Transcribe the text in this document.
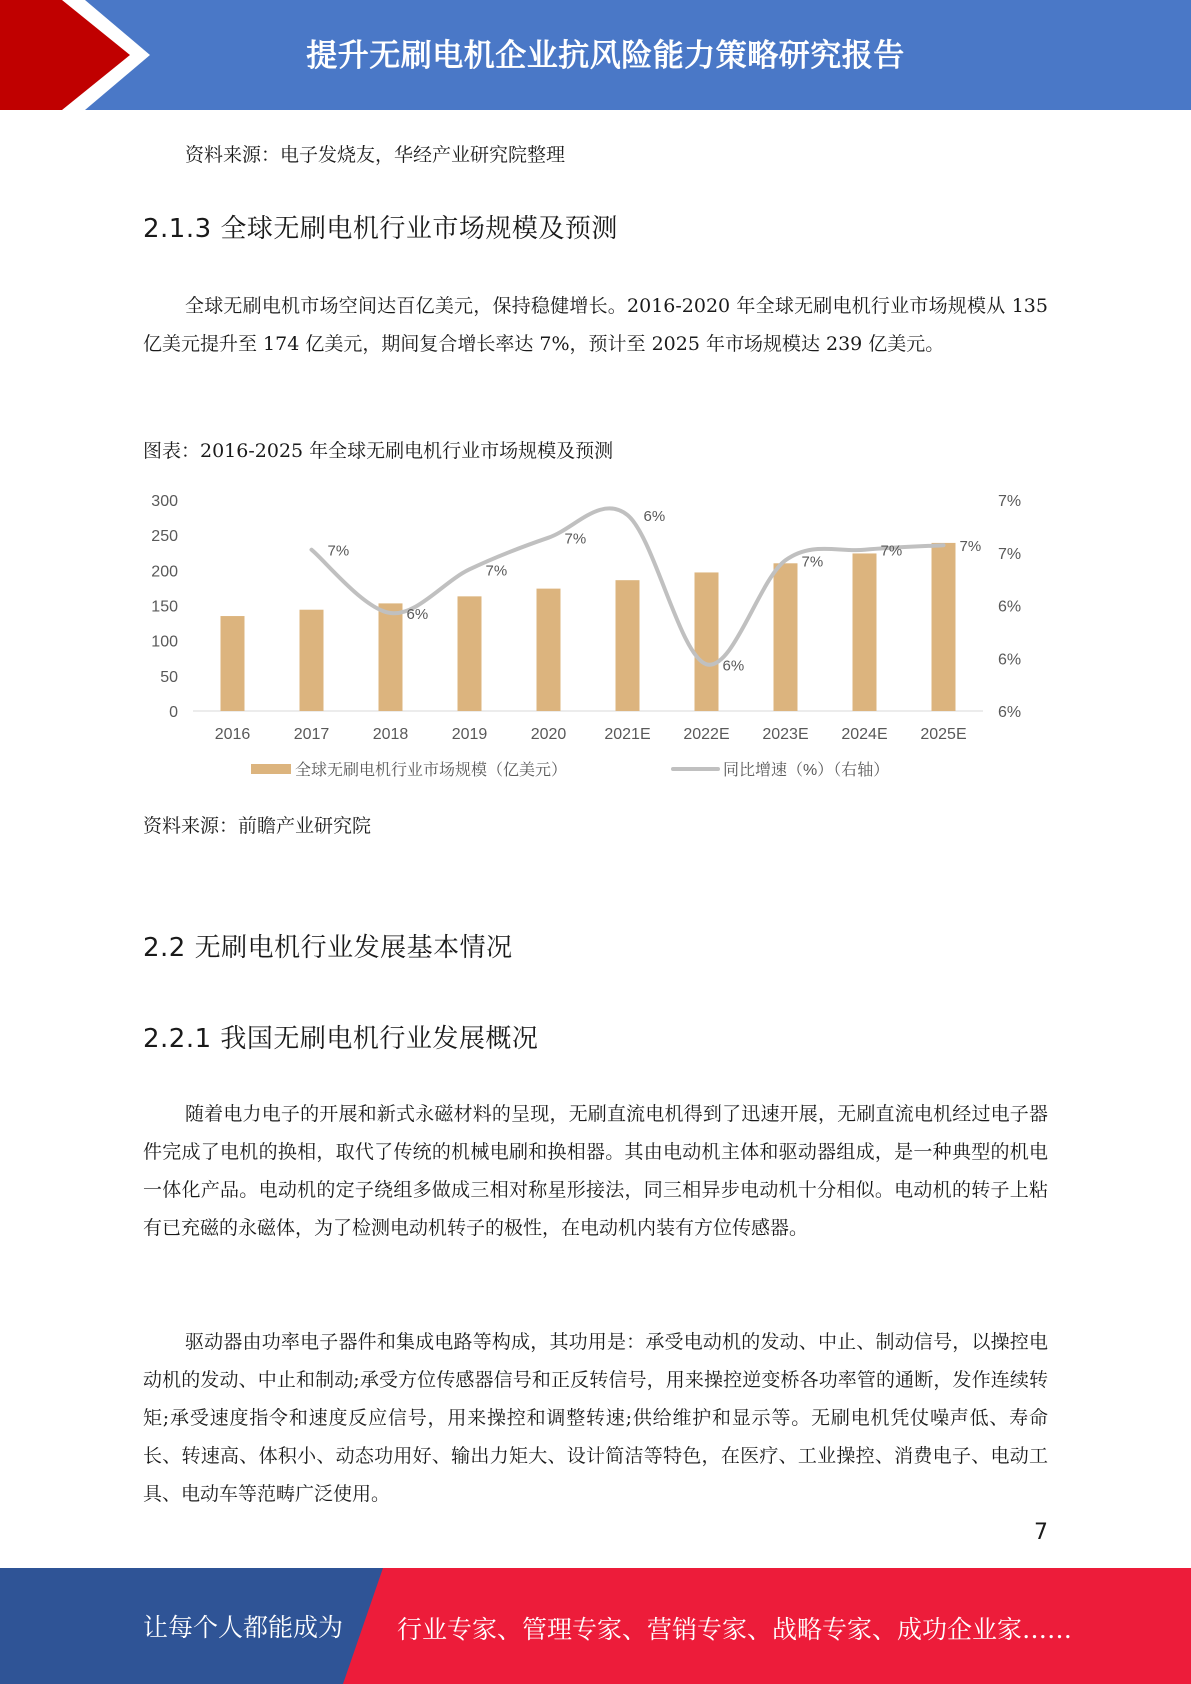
提升无刷电机企业抗风险能力策略研究报告

资料来源：电子发烧友，华经产业研究院整理

2.1.3 全球无刷电机行业市场规模及预测

全球无刷电机市场空间达百亿美元，保持稳健增长。2016-2020 年全球无刷电机行业市场规模从 135 亿美元提升至 174 亿美元，期间复合增长率达 7%，预计至 2025 年市场规模达 239 亿美元。

图表：2016-2025 年全球无刷电机行业市场规模及预测
0
50
100
150
200
250
300
6%
6%
6%
7%
7%
2016	2017	2018	2019	2020 2021E 2022E 2023E 2024E 2025E
7%
6%
7%
7%
6%
6%
7%
7%	7%
全球无刷电机行业市场规模（亿美元）	同比增速（%）（右轴）
资料来源：前瞻产业研究院
2.2 无刷电机行业发展基本情况
2.2.1 我国无刷电机行业发展概况

随着电力电子的开展和新式永磁材料的呈现，无刷直流电机得到了迅速开展，无刷直流电机经过电子器件完成了电机的换相，取代了传统的机械电刷和换相器。其由电动机主体和驱动器组成，是一种典型的机电一体化产品。电动机的定子绕组多做成三相对称星形接法，同三相异步电动机十分相似。电动机的转子上粘有已充磁的永磁体，为了检测电动机转子的极性，在电动机内装有方位传感器。

驱动器由功率电子器件和集成电路等构成，其功用是：承受电动机的发动、中止、制动信号，以操控电动机的发动、中止和制动;承受方位传感器信号和正反转信号，用来操控逆变桥各功率管的通断，发作连续转矩;承受速度指令和速度反应信号，用来操控和调整转速;供给维护和显示等。无刷电机凭仗噪声低、寿命长、转速高、体积小、动态功用好、输出力矩大、设计简洁等特色，在医疗、工业操控、消费电子、电动工具、电动车等范畴广泛使用。

7
让每个人都能成为 行业专家、管理专家、营销专家、战略专家、成功企业家……
